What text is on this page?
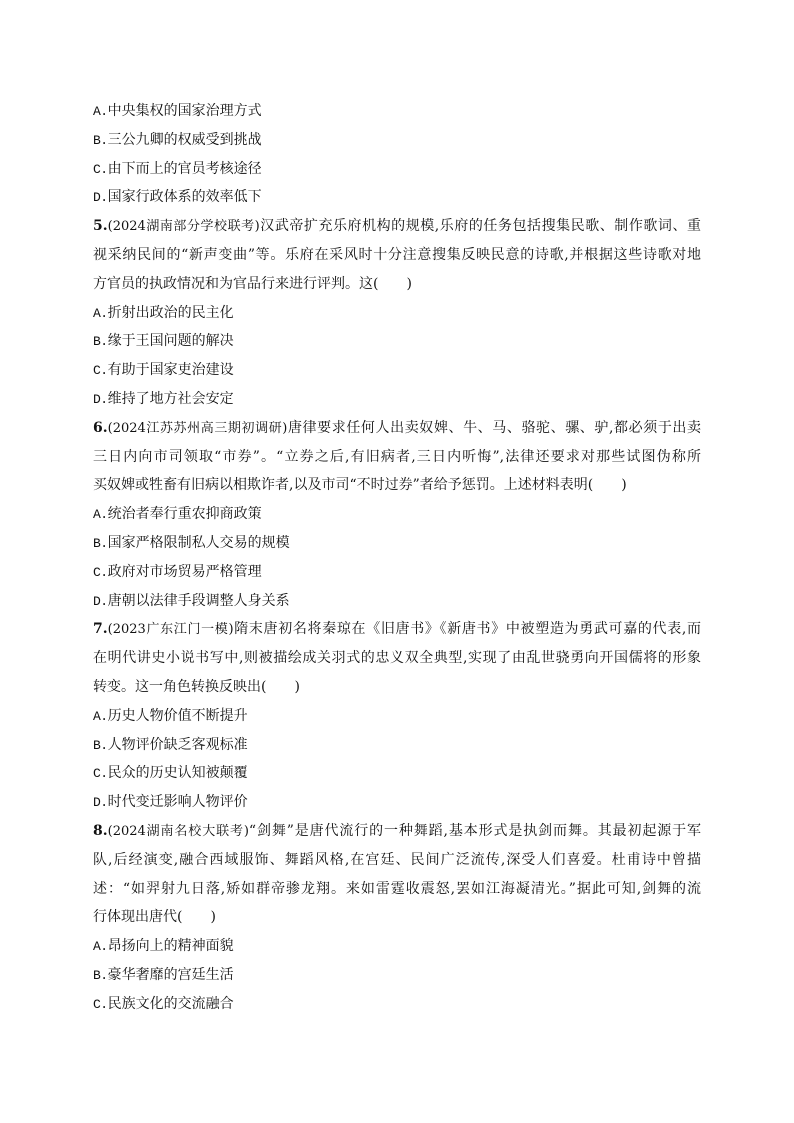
A.中央集权的国家治理方式
B.三公九卿的权威受到挑战
C.由下而上的官员考核途径
D.国家行政体系的效率低下
5.(2024湖南部分学校联考)汉武帝扩充乐府机构的规模,乐府的任务包括搜集民歌、制作歌词、重
视采纳民间的“新声变曲”等。乐府在采风时十分注意搜集反映民意的诗歌,并根据这些诗歌对地
方官员的执政情况和为官品行来进行评判。这(　　)
A.折射出政治的民主化
B.缘于王国问题的解决
C.有助于国家吏治建设
D.维持了地方社会安定
6.(2024江苏苏州高三期初调研)唐律要求任何人出卖奴婢、牛、马、骆驼、骡、驴,都必须于出卖
三日内向市司领取“市券”。“立券之后,有旧病者,三日内听悔”,法律还要求对那些试图伪称所
买奴婢或牲畜有旧病以相欺诈者,以及市司“不时过券”者给予惩罚。上述材料表明(　　)
A.统治者奉行重农抑商政策
B.国家严格限制私人交易的规模
C.政府对市场贸易严格管理
D.唐朝以法律手段调整人身关系
7.(2023广东江门一模)隋末唐初名将秦琼在《旧唐书》《新唐书》中被塑造为勇武可嘉的代表,而
在明代讲史小说书写中,则被描绘成关羽式的忠义双全典型,实现了由乱世骁勇向开国儒将的形象
转变。这一角色转换反映出(　　)
A.历史人物价值不断提升
B.人物评价缺乏客观标准
C.民众的历史认知被颠覆
D.时代变迁影响人物评价
8.(2024湖南名校大联考)“剑舞”是唐代流行的一种舞蹈,基本形式是执剑而舞。其最初起源于军
队,后经演变,融合西域服饰、舞蹈风格,在宫廷、民间广泛流传,深受人们喜爱。杜甫诗中曾描
述：“如羿射九日落,矫如群帝骖龙翔。来如雷霆收震怒,罢如江海凝清光。”据此可知,剑舞的流
行体现出唐代(　　)
A.昂扬向上的精神面貌
B.豪华奢靡的宫廷生活
C.民族文化的交流融合
